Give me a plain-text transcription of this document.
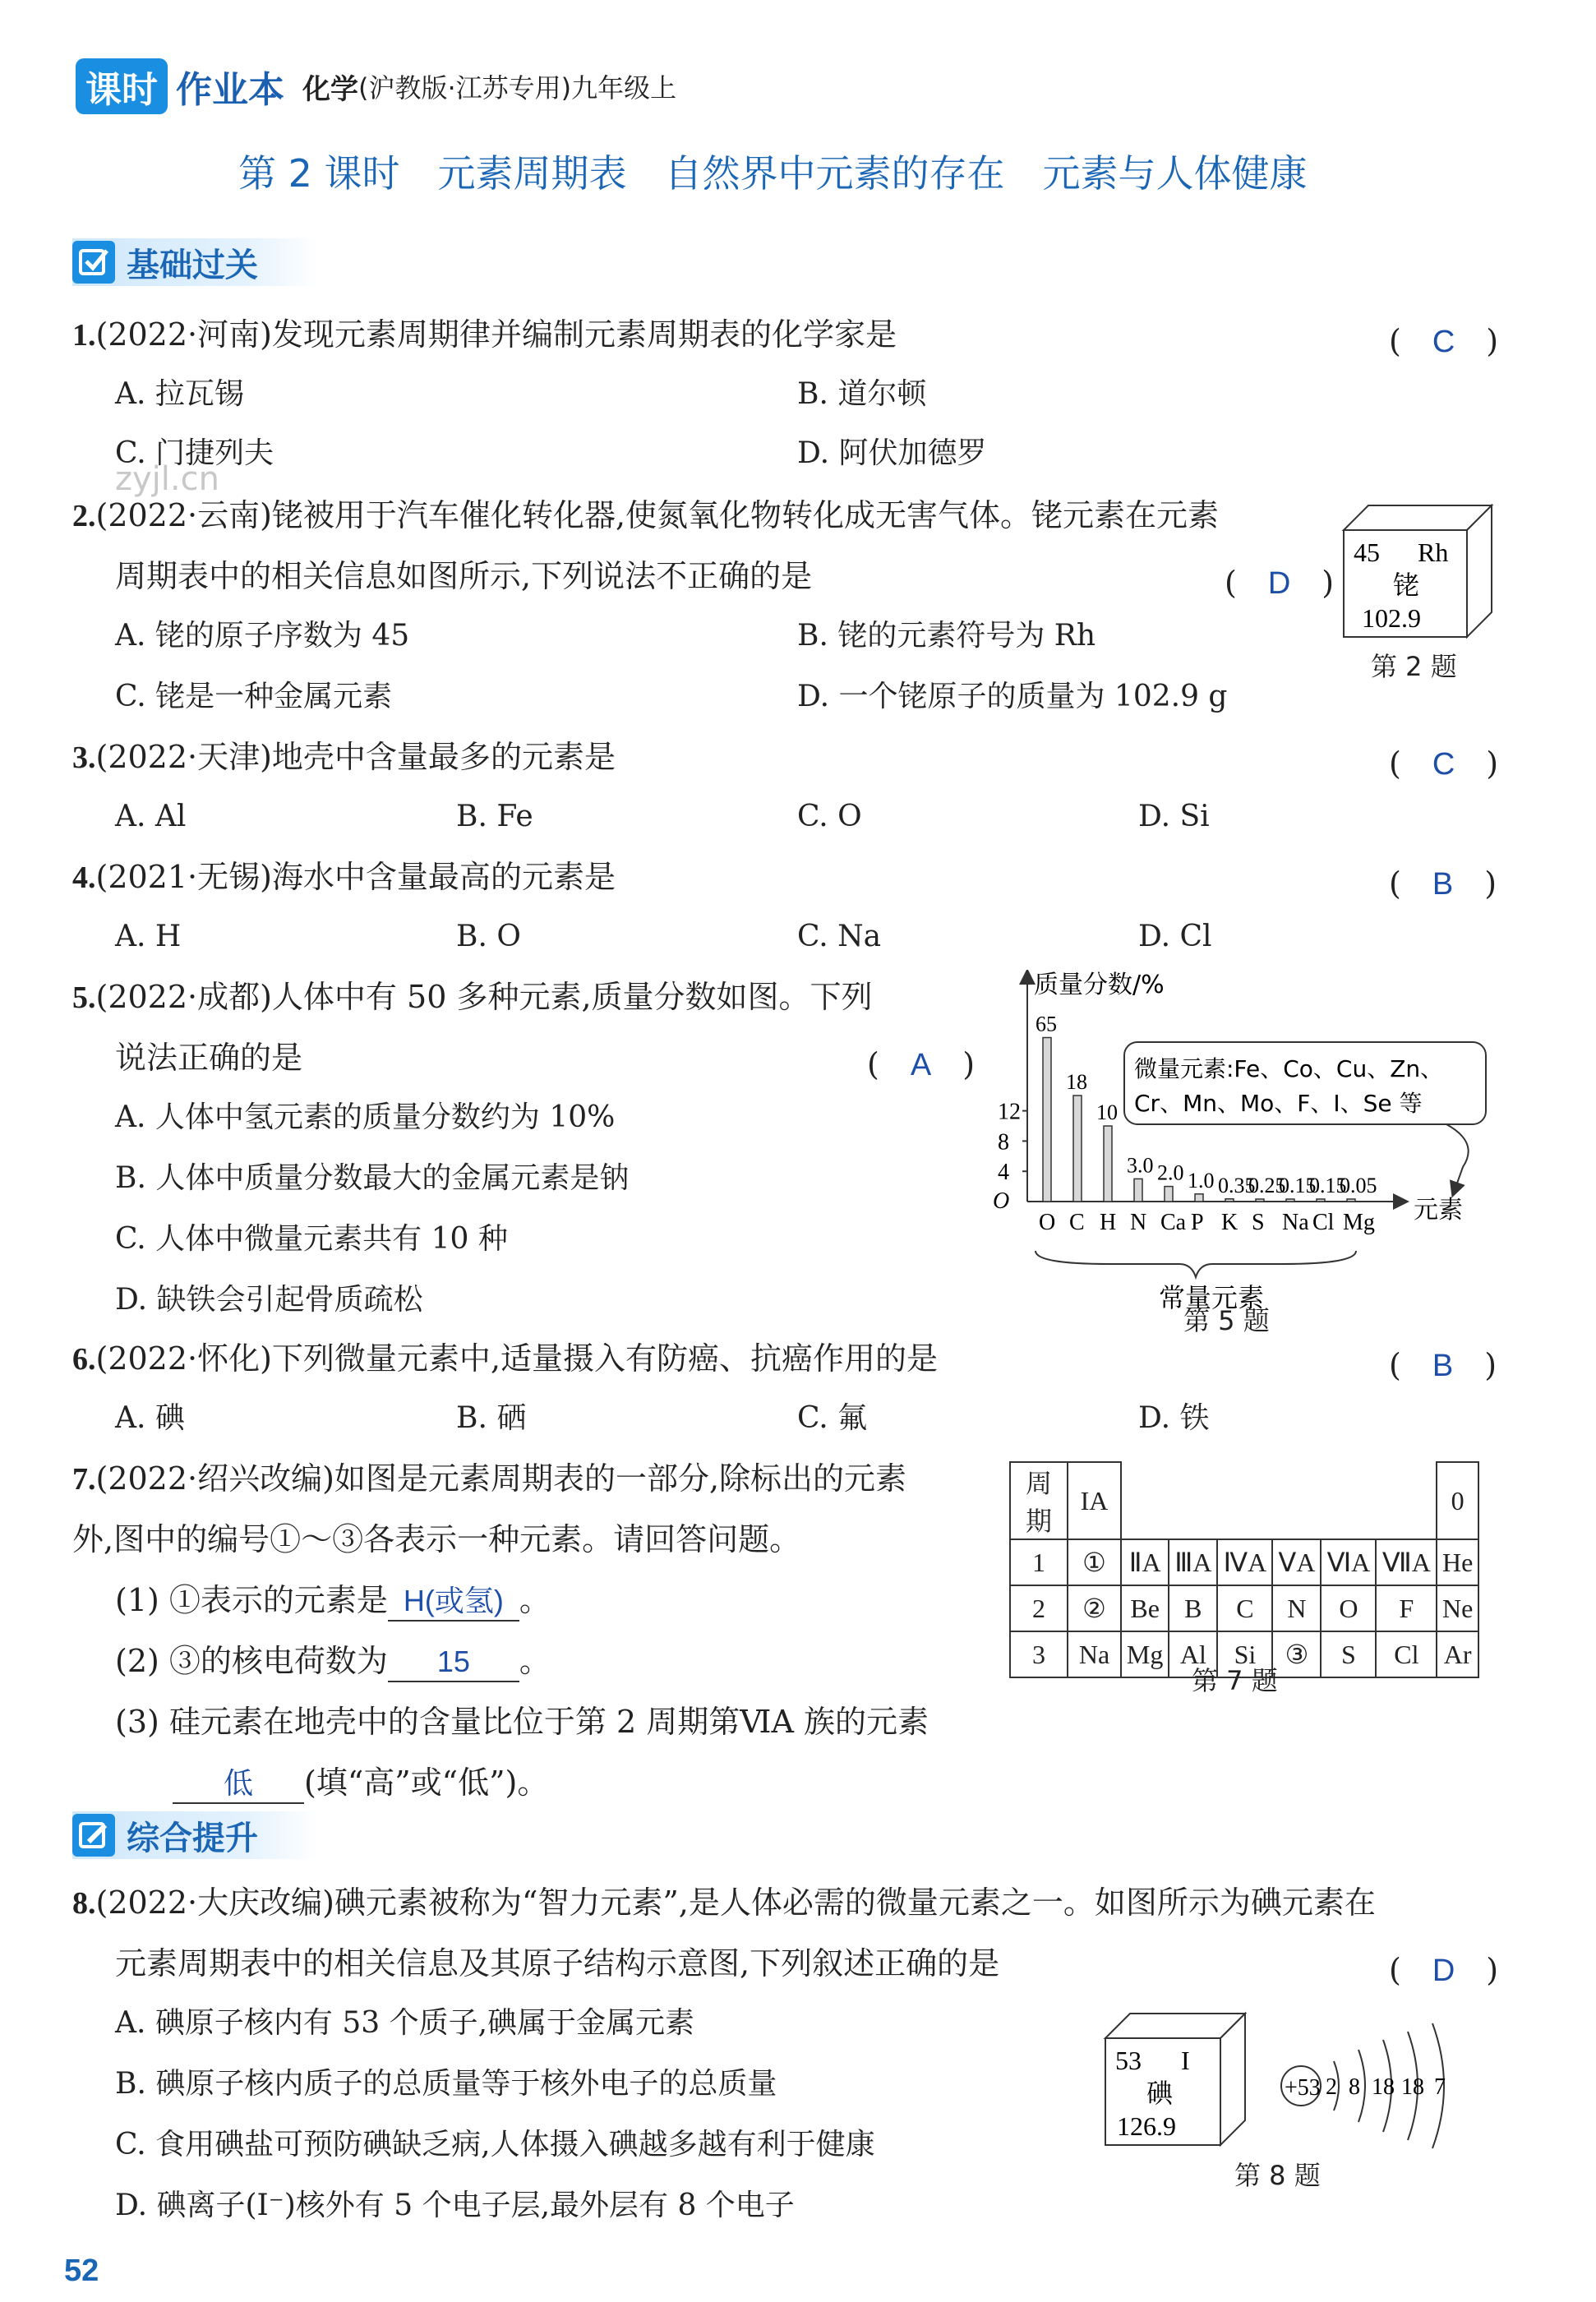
课时 作业本 化学 (沪教版·江苏专用)九年级上
第 2 课时　元素周期表　自然界中元素的存在　元素与人体健康
基础过关
1.(2022·河南)发现元素周期律并编制元素周期表的化学家是	(　C　)
A. 拉瓦锡	B. 道尔顿
C. 门捷列夫	D. 阿伏加德罗
zyjl.cn
2.(2022·云南)铑被用于汽车催化转化器,使氮氧化物转化成无害气体。铑元素在元素
周期表中的相关信息如图所示,下列说法不正确的是	(　D　)
A. 铑的原子序数为 45	B. 铑的元素符号为 Rh
C. 铑是一种金属元素	D. 一个铑原子的质量为 102.9 g
45 Rh
铑
102.9
第 2 题
3.(2022·天津)地壳中含量最多的元素是	(　C　)
A. Al	B. Fe	C. O	D. Si
4.(2021·无锡)海水中含量最高的元素是	(　B　)
A. H	B. O	C. Na	D. Cl
5.(2022·成都)人体中有 50 多种元素,质量分数如图。下列
说法正确的是	(　A　)
A. 人体中氢元素的质量分数约为 10%
B. 人体中质量分数最大的金属元素是钠
C. 人体中微量元素共有 10 种
D. 缺铁会引起骨质疏松
质量分数/%
元素
O
4
8
12
65
O
18
C
10
H
3.0
N
2.0
Ca
1.0
P
0.35
K
0.25
S
0.15
Na
0.15
Cl
0.05
Mg
常量元素
微量元素:Fe、Co、Cu、Zn、
Cr、Mn、Mo、F、I、Se 等
第 5 题
6.(2022·怀化)下列微量元素中,适量摄入有防癌、抗癌作用的是	(　B　)
A. 碘	B. 硒	C. 氟	D. 铁
7.(2022·绍兴改编)如图是元素周期表的一部分,除标出的元素
外,图中的编号①～③各表示一种元素。请回答问题。
(1) ①表示的元素是 H(或氢) 。
(2) ③的核电荷数为 15 。
(3) 硅元素在地壳中的含量比位于第 2 周期第ⅥA 族的元素
低 (填“高”或“低”)。
周期	IA							0
1	①	ⅡA	ⅢA	ⅣA	ⅤA	ⅥA	ⅦA	He
2	②	Be	B	C	N	O	F	Ne
3	Na	Mg	Al	Si	③	S	Cl	Ar
第 7 题
综合提升
8.(2022·大庆改编)碘元素被称为“智力元素”,是人体必需的微量元素之一。如图所示为碘元素在
元素周期表中的相关信息及其原子结构示意图,下列叙述正确的是	(　D　)
A. 碘原子核内有 53 个质子,碘属于金属元素
B. 碘原子核内质子的总质量等于核外电子的总质量
C. 食用碘盐可预防碘缺乏病,人体摄入碘越多越有利于健康
D. 碘离子(I⁻)核外有 5 个电子层,最外层有 8 个电子
53 I
碘
126.9
+53 2 8 18 18 7
第 8 题
52
